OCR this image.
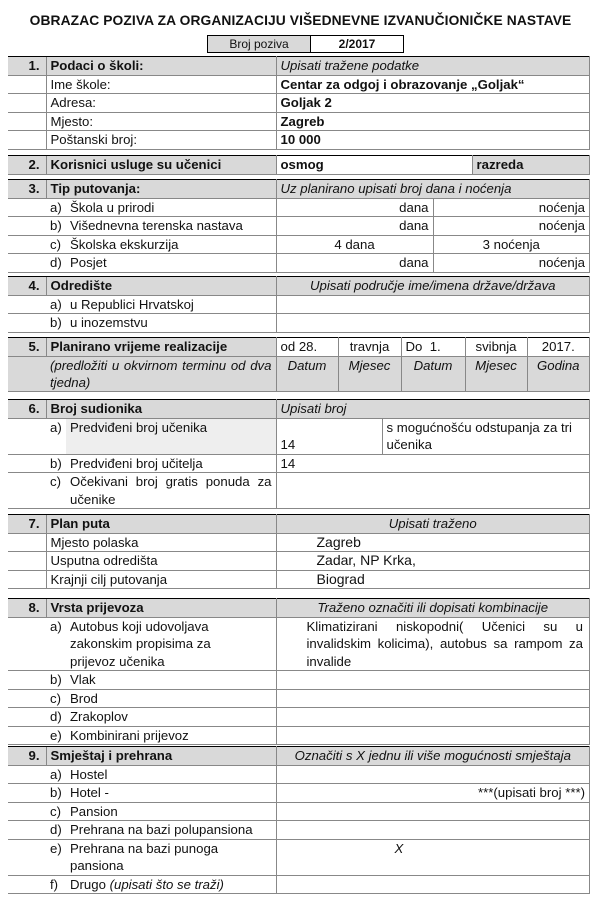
OBRAZAC POZIVA ZA ORGANIZACIJU VIŠEDNEVNE IZVANUČIONIČKE NASTAVE
Broj poziva	2/2017
1.	Podaci o školi:	Upisati tražene podatke
	Ime škole:	Centar za odgoj i obrazovanje „Goljak“
	Adresa:	Goljak 2
	Mjesto:	Zagreb
	Poštanski broj:	10 000
2.	Korisnici usluge su učenici	osmog	razreda
3.	Tip putovanja:		Uz planirano upisati broj dana i noćenja	
	a)	Škola u prirodi	dana	noćenja
	b)	Višednevna terenska nastava	dana	noćenja
	c)	Školska ekskurzija	4 dana	3 noćenja
	d)	Posjet	dana	noćenja
4.	Odredište		Upisati područje ime/imena države/država
	a)	u Republici Hrvatskoj	
	b)	u inozemstvu	
5.	Planirano vrijeme realizacije	od 28.	travnja	Do 1.	svibnja	2017.
	(predložiti u okvirnom terminu od dva tjedna)	Datum	Mjesec	Datum	Mjesec	Godina
6.	Broj sudionika		Upisati broj	
	a)	Predviđeni broj učenika	14	s mogućnošću odstupanja za tri učenika
	b)	Predviđeni broj učitelja	14	
	c)	Očekivani broj gratis ponuda za učenike		
7.	Plan puta	Upisati traženo
	Mjesto polaska	Zagreb
	Usputna odredišta	Zadar, NP Krka,
	Krajnji cilj putovanja	Biograd
8.	Vrsta prijevoza		Traženo označiti ili dopisati kombinacije
	a)	Autobus koji udovoljava zakonskim propisima za prijevoz učenika	Klimatizirani niskopodni( Učenici su u invalidskim kolicima), autobus sa rampom za invalide
	b)	Vlak	
	c)	Brod	
	d)	Zrakoplov	
	e)	Kombinirani prijevoz	
9.	Smještaj i prehrana		Označiti s X jednu ili više mogućnosti smještaja
	a)	Hostel	
	b)	Hotel -	***(upisati broj ***)
	c)	Pansion	
	d)	Prehrana na bazi polupansiona	
	e)	Prehrana na bazi punoga pansiona	X
	f)	Drugo (upisati što se traži)	
